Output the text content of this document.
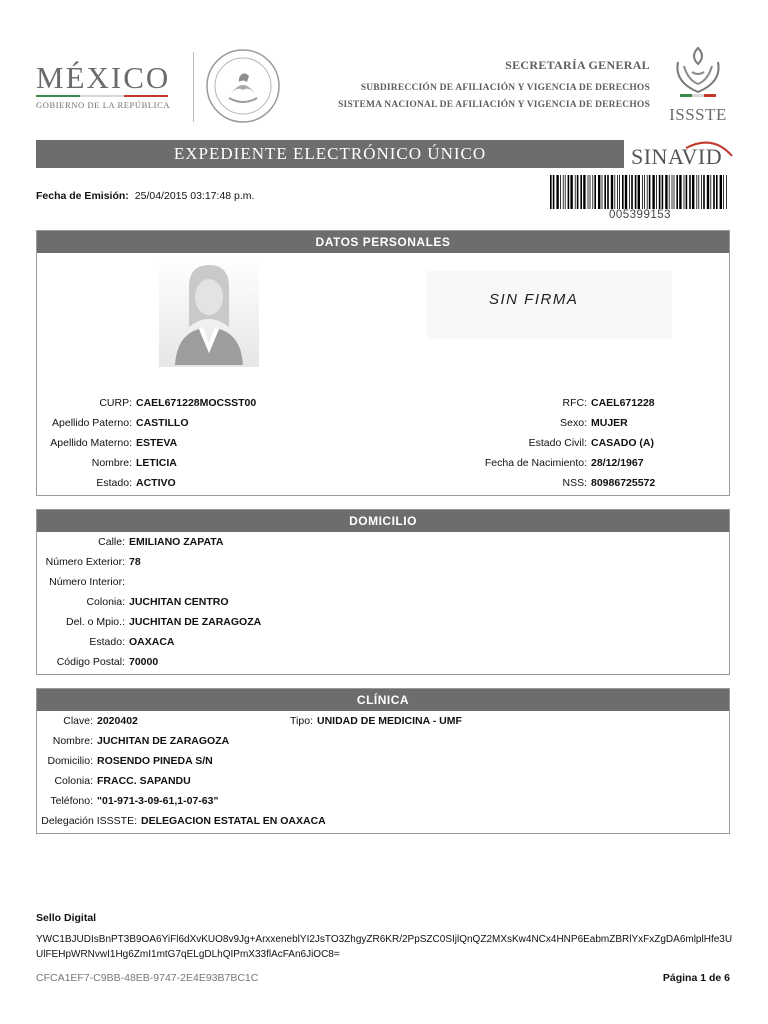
MÉXICO
GOBIERNO DE LA REPÚBLICA
SECRETARÍA GENERAL
SUBDIRECCIÓN DE AFILIACIÓN Y VIGENCIA DE DERECHOS
SISTEMA NACIONAL DE AFILIACIÓN Y VIGENCIA DE DERECHOS	ISSSTE
EXPEDIENTE ELECTRÓNICO ÚNICO	SINAVID
Fecha de Emisión: 25/04/2015 03:17:48 p.m.
005399153
DATOS PERSONALES
SIN FIRMA
CURP: CAEL671228MOCSST00
Apellido Paterno: CASTILLO
Apellido Materno: ESTEVA
Nombre: LETICIA
Estado: ACTIVO
RFC: CAEL671228
Sexo: MUJER
Estado Civil: CASADO (A)
Fecha de Nacimiento: 28/12/1967
NSS: 80986725572
DOMICILIO
Calle: EMILIANO ZAPATA
Número Exterior: 78
Número Interior:
Colonia: JUCHITAN CENTRO
Del. o Mpio.: JUCHITAN DE ZARAGOZA
Estado: OAXACA
Código Postal: 70000
CLÍNICA
Clave: 2020402	Tipo: UNIDAD DE MEDICINA - UMF
Nombre: JUCHITAN DE ZARAGOZA
Domicilio: ROSENDO PINEDA S/N
Colonia: FRACC. SAPANDU
Teléfono: "01-971-3-09-61,1-07-63"
Delegación ISSSTE: DELEGACION ESTATAL EN OAXACA
Sello Digital
YWC1BJUDIsBnPT3B9OA6YiFl6dXvKUO8v9Jg+ArxxeneblYI2JsTO3ZhgyZR6KR/2PpSZC0SIjlQnQZ2MXsKw4NCx4HNP6EabmZBRlYxFxZgDA6mlplHfe3UUlFEHpWRNvwI1Hg6ZmI1mtG7qELgDLhQIPmX33flAcFAn6JiOC8=
CFCA1EF7-C9BB-48EB-9747-2E4E93B7BC1C	Página 1 de 6
